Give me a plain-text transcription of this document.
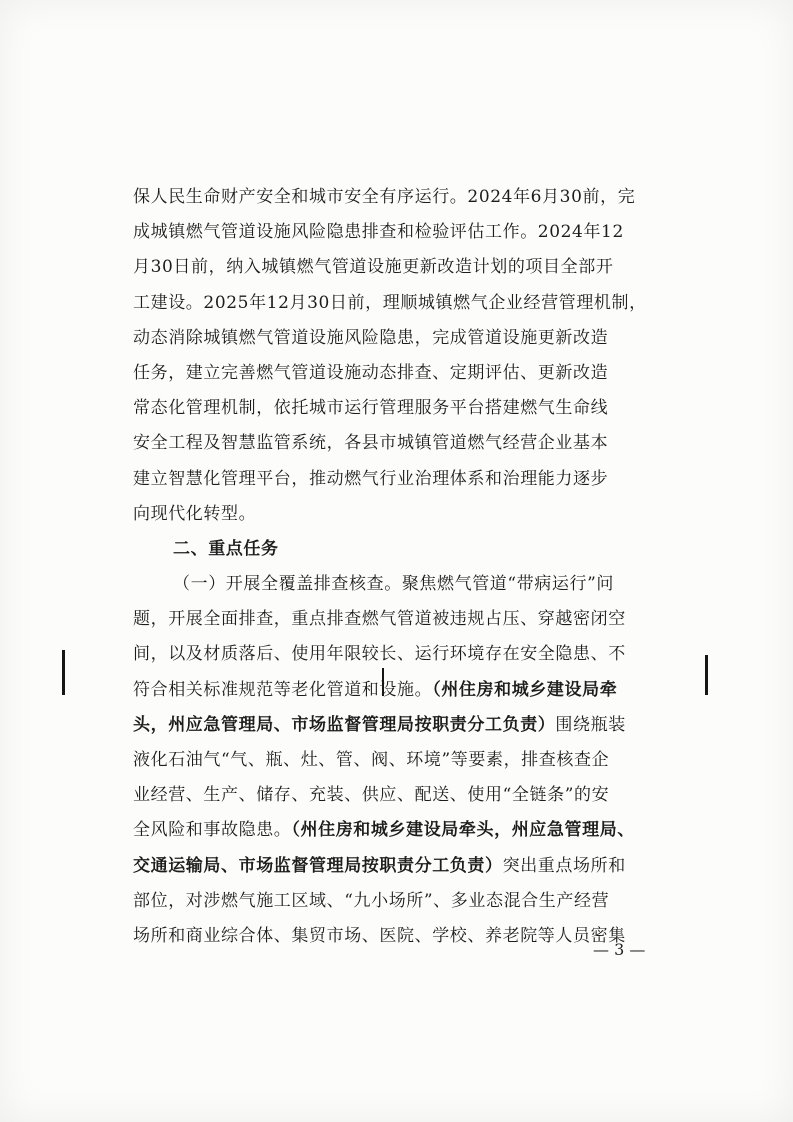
保人民生命财产安全和城市安全有序运行。2024年6月30前，完
成城镇燃气管道设施风险隐患排查和检验评估工作。2024年12
月30日前，纳入城镇燃气管道设施更新改造计划的项目全部开
工建设。2025年12月30日前，理顺城镇燃气企业经营管理机制，
动态消除城镇燃气管道设施风险隐患，完成管道设施更新改造
任务，建立完善燃气管道设施动态排查、定期评估、更新改造
常态化管理机制，依托城市运行管理服务平台搭建燃气生命线
安全工程及智慧监管系统，各县市城镇管道燃气经营企业基本
建立智慧化管理平台，推动燃气行业治理体系和治理能力逐步
向现代化转型。
二、重点任务
（一）开展全覆盖排查核查。聚焦燃气管道“带病运行”问
题，开展全面排查，重点排查燃气管道被违规占压、穿越密闭空
间，以及材质落后、使用年限较长、运行环境存在安全隐患、不
符合相关标准规范等老化管道和设施。（州住房和城乡建设局牵
头，州应急管理局、市场监督管理局按职责分工负责）围绕瓶装
液化石油气“气、瓶、灶、管、阀、环境”等要素，排查核查企
业经营、生产、储存、充装、供应、配送、使用“全链条”的安
全风险和事故隐患。（州住房和城乡建设局牵头，州应急管理局、
交通运输局、市场监督管理局按职责分工负责）突出重点场所和
部位，对涉燃气施工区域、“九小场所”、多业态混合生产经营
场所和商业综合体、集贸市场、医院、学校、养老院等人员密集
— 3 —
